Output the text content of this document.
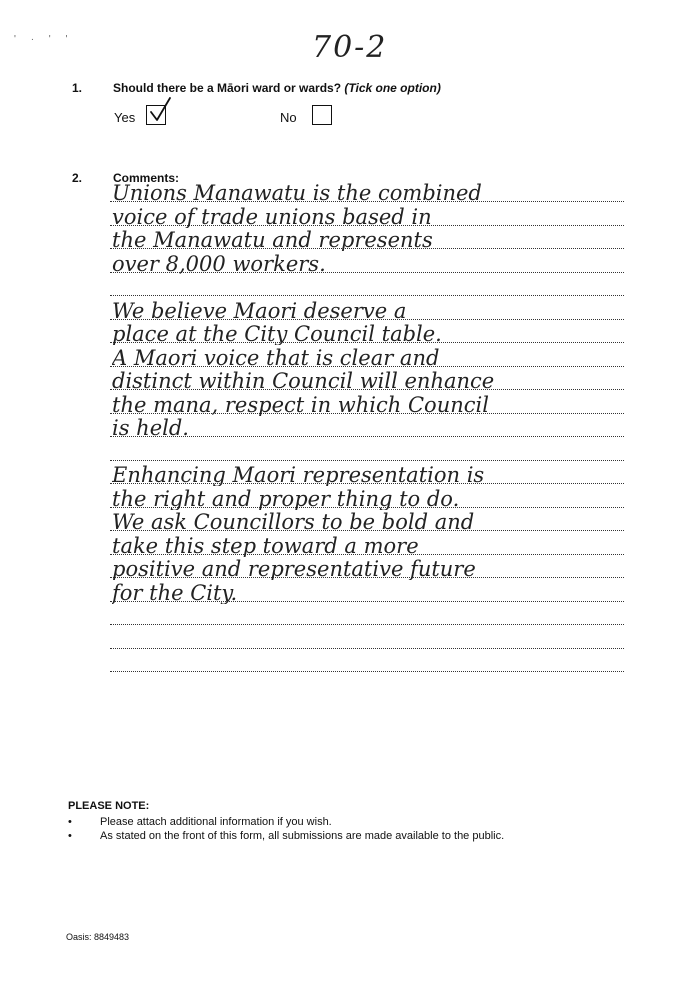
' · ' '	70-2
1.	Should there be a Māori ward or wards? (Tick one option)
Yes	No
2.	Comments:
Unions Manawatu is the combined
voice of trade unions based in
the Manawatu and represents
over 8,000 workers.
We believe Maori deserve a
place at the City Council table.
A Maori voice that is clear and
distinct within Council will enhance
the mana, respect in which Council
is held.
Enhancing Maori representation is
the right and proper thing to do.
We ask Councillors to be bold and
take this step toward a more
positive and representative future
for the City.
PLEASE NOTE:
•	Please attach additional information if you wish.
•	As stated on the front of this form, all submissions are made available to the public.
Oasis: 8849483
